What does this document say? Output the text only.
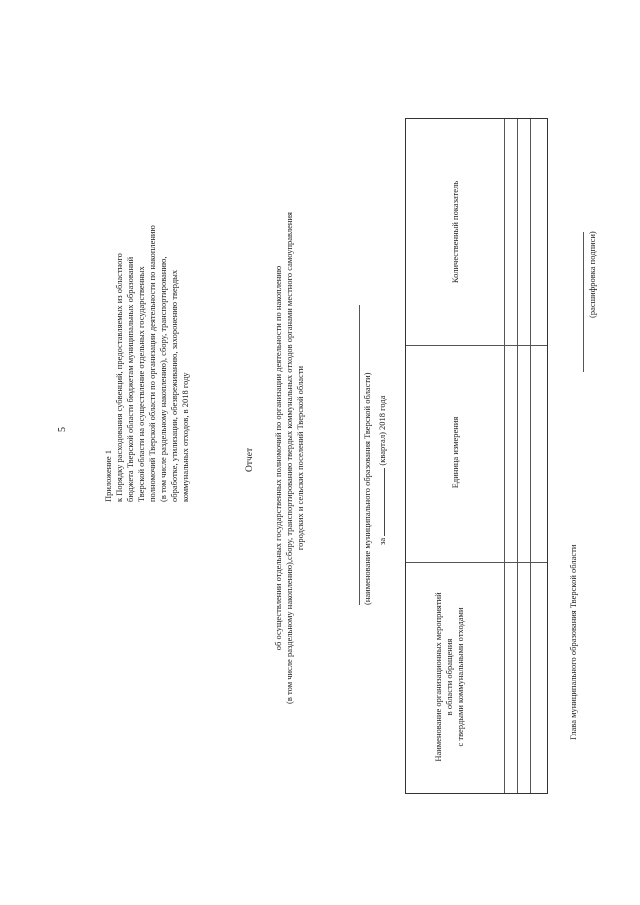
5
Приложение 1 к Порядку расходования субвенций, предоставляемых из областного бюджета Тверской области бюджетам муниципальных образований Тверской области на осуществление отдельных государственных полномочий Тверской области по организации деятельности по накоплению (в том числе раздельному накоплению), сбору, транспортированию, обработке, утилизации, обезвреживанию, захоронению твердых коммунальных отходов, в 2018 году	Отчет об осуществлении отдельных государственных полномочий по организации деятельности по накоплению (в том числе раздельному накоплению),сбору, транспортированию твердых коммунальных отходов органами местного самоуправления городских и сельских поселений Тверской области	(наименование муниципального образования Тверской области) за  (квартал) 2018 года
Наименование организационных мероприятий в области обращения с твердыми коммунальными отходами
Единица измерения
Количественный показатель
Глава муниципального образования Тверской области
(расшифровка подписи)
